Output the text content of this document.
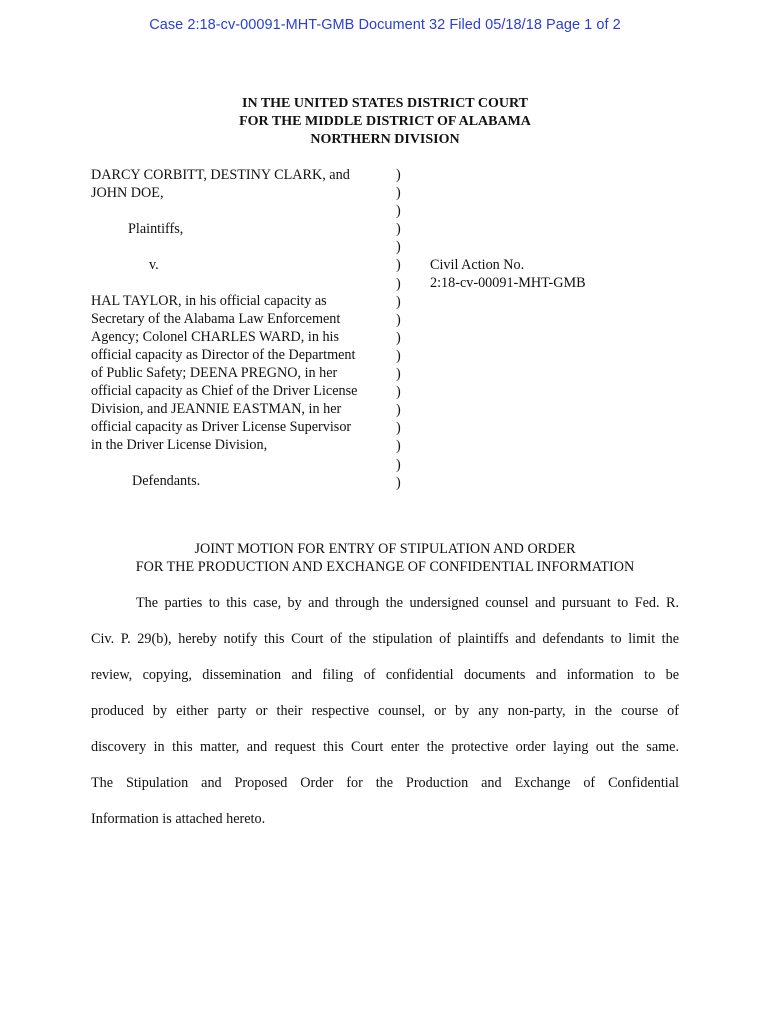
Case 2:18-cv-00091-MHT-GMB Document 32 Filed 05/18/18 Page 1 of 2
IN THE UNITED STATES DISTRICT COURT
FOR THE MIDDLE DISTRICT OF ALABAMA
NORTHERN DIVISION
DARCY CORBITT, DESTINY CLARK, and
JOHN DOE,
Plaintiffs,
v.
HAL TAYLOR, in his official capacity as
Secretary of the Alabama Law Enforcement
Agency; Colonel CHARLES WARD, in his
official capacity as Director of the Department
of Public Safety; DEENA PREGNO, in her
official capacity as Chief of the Driver License
Division, and JEANNIE EASTMAN, in her
official capacity as Driver License Supervisor
in the Driver License Division,
Defendants.
)
)
)
)
)
)
)
)
)
)
)
)
)
)
)
)
)
)
Civil Action No.
2:18-cv-00091-MHT-GMB
JOINT MOTION FOR ENTRY OF STIPULATION AND ORDER
FOR THE PRODUCTION AND EXCHANGE OF CONFIDENTIAL INFORMATION
The parties to this case, by and through the undersigned counsel and pursuant to Fed. R.
Civ. P. 29(b), hereby notify this Court of the stipulation of plaintiffs and defendants to limit the
review, copying, dissemination and filing of confidential documents and information to be
produced by either party or their respective counsel, or by any non-party, in the course of
discovery in this matter, and request this Court enter the protective order laying out the same.
The Stipulation and Proposed Order for the Production and Exchange of Confidential
Information is attached hereto.
